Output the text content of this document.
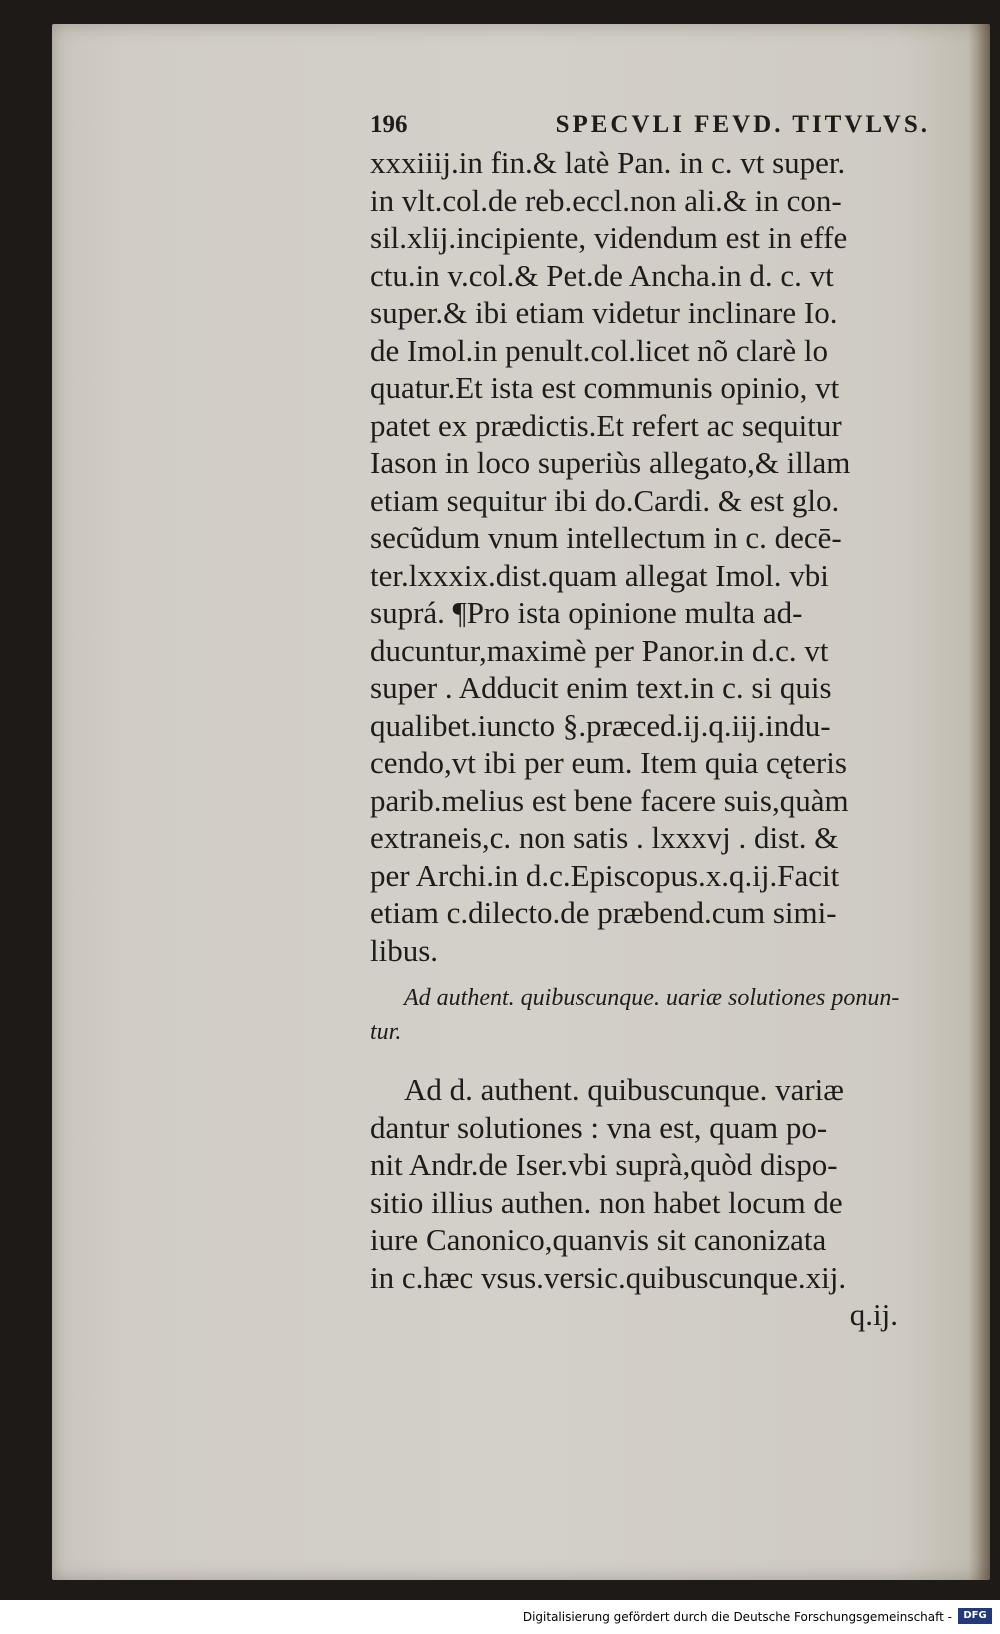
196	SPECVLI FEVD. TITVLVS.
xxxiiij.in fin.& latè Pan. in c. vt super.
in vlt.col.de reb.eccl.non ali.& in con-
sil.xlij.incipiente, videndum est in effe
ctu.in v.col.& Pet.de Ancha.in d. c. vt
super.& ibi etiam videtur inclinare Io.
de Imol.in penult.col.licet nõ clarè lo
quatur.Et ista est communis opinio, vt
patet ex prædictis.Et refert ac sequitur
Iason in loco superiùs allegato,& illam
etiam sequitur ibi do.Cardi. & est glo.
secũdum vnum intellectum in c. decē-
ter.lxxxix.dist.quam allegat Imol. vbi
suprá. ¶Pro ista opinione multa ad-
ducuntur,maximè per Panor.in d.c. vt
super . Adducit enim text.in c. si quis
qualibet.iuncto §.præced.ij.q.iij.indu-
cendo,vt ibi per eum. Item quia cęteris
parib.melius est bene facere suis,quàm
extraneis,c. non satis . lxxxvj . dist. &
per Archi.in d.c.Episcopus.x.q.ij.Facit
etiam c.dilecto.de præbend.cum simi-
libus.
Ad authent. quibuscunque. uariæ solutiones ponun-
tur.
Ad d. authent. quibuscunque. variæ
dantur solutiones : vna est, quam po-
nit Andr.de Iser.vbi suprà,quòd dispo-
sitio illius authen. non habet locum de
iure Canonico,quanvis sit canonizata
in c.hæc vsus.versic.quibuscunque.xij.
q.ij.
Digitalisierung gefördert durch die Deutsche Forschungsgemeinschaft -	DFG
